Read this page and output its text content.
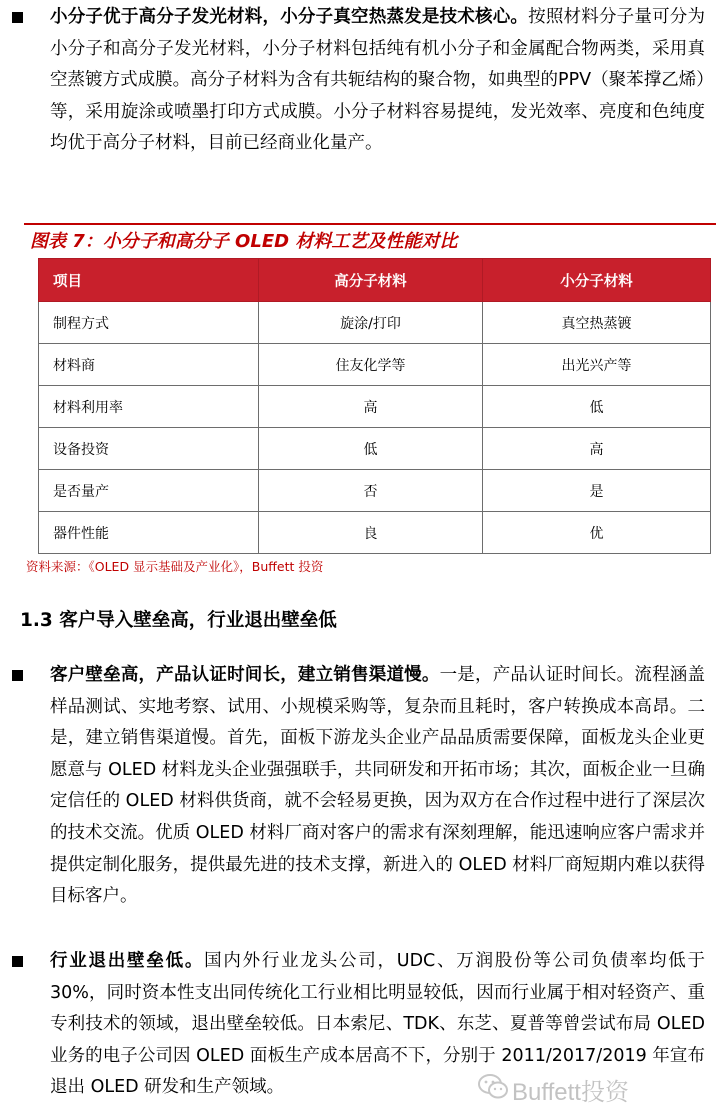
小分子优于高分子发光材料，小分子真空热蒸发是技术核心。按照材料分子量可分为小分子和高分子发光材料，小分子材料包括纯有机小分子和金属配合物两类，采用真空蒸镀方式成膜。高分子材料为含有共轭结构的聚合物，如典型的PPV（聚苯撑乙烯）等，采用旋涂或喷墨打印方式成膜。小分子材料容易提纯，发光效率、亮度和色纯度均优于高分子材料，目前已经商业化量产。
图表 7：小分子和高分子 OLED 材料工艺及性能对比
项目	高分子材料	小分子材料
制程方式	旋涂/打印	真空热蒸镀
材料商	住友化学等	出光兴产等
材料利用率	高	低
设备投资	低	高
是否量产	否	是
器件性能	良	优
资料来源：《OLED 显示基础及产业化》，Buffett 投资
1.3 客户导入壁垒高，行业退出壁垒低
客户壁垒高，产品认证时间长，建立销售渠道慢。一是，产品认证时间长。流程涵盖样品测试、实地考察、试用、小规模采购等，复杂而且耗时，客户转换成本高昂。二是，建立销售渠道慢。首先，面板下游龙头企业产品品质需要保障，面板龙头企业更愿意与 OLED 材料龙头企业强强联手，共同研发和开拓市场；其次，面板企业一旦确定信任的 OLED 材料供货商，就不会轻易更换，因为双方在合作过程中进行了深层次的技术交流。优质 OLED 材料厂商对客户的需求有深刻理解，能迅速响应客户需求并提供定制化服务，提供最先进的技术支撑，新进入的 OLED 材料厂商短期内难以获得目标客户。
行业退出壁垒低。国内外行业龙头公司，UDC、万润股份等公司负债率均低于 30%，同时资本性支出同传统化工行业相比明显较低，因而行业属于相对轻资产、重专利技术的领域，退出壁垒较低。日本索尼、TDK、东芝、夏普等曾尝试布局 OLED 业务的电子公司因 OLED 面板生产成本居高不下，分别于 2011/2017/2019 年宣布退出 OLED 研发和生产领域。	Buffett投资
